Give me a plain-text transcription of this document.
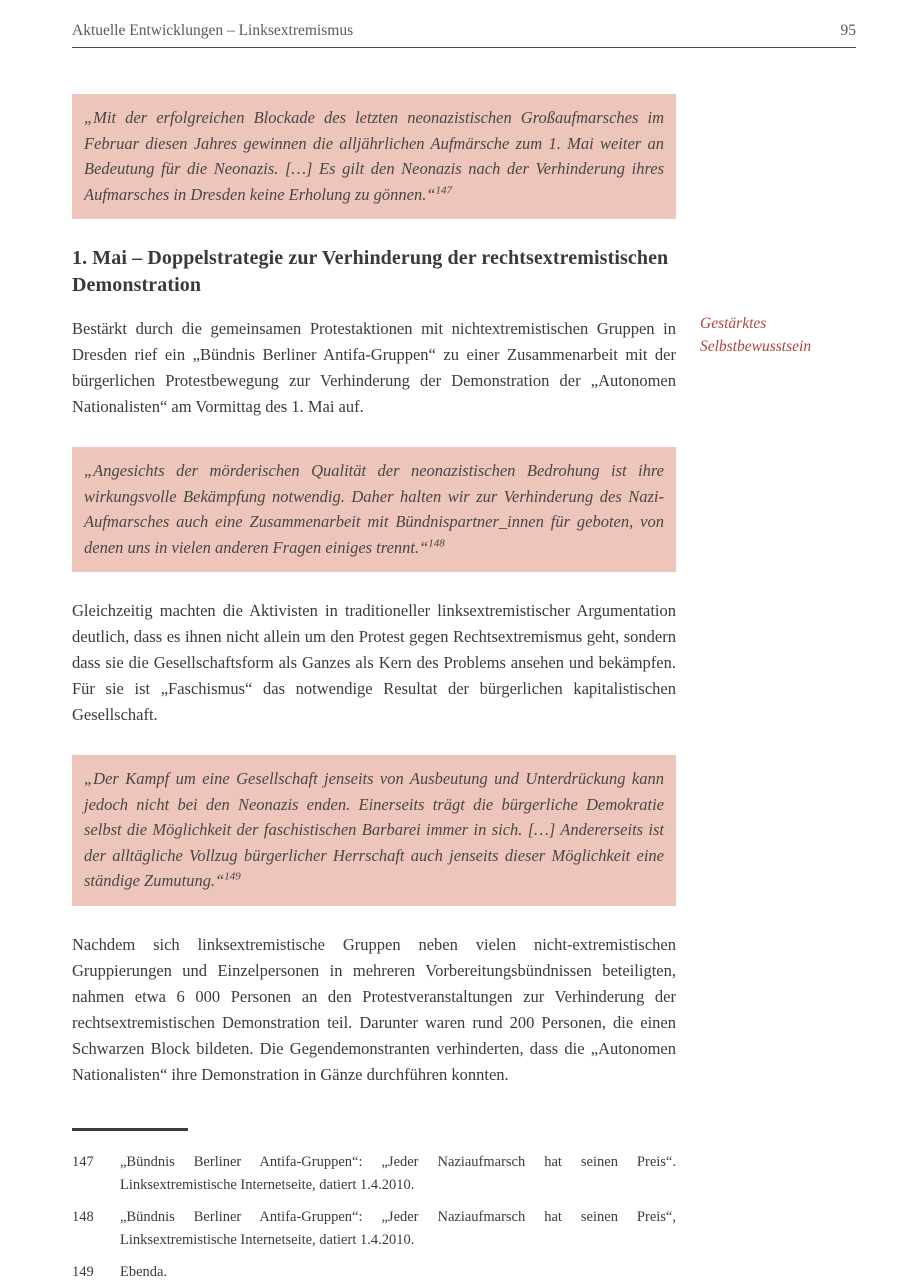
Aktuelle Entwicklungen – Linksextremismus	95
„Mit der erfolgreichen Blockade des letzten neonazistischen Großaufmarsches im Februar diesen Jahres gewinnen die alljährlichen Aufmärsche zum 1. Mai weiter an Bedeutung für die Neonazis. […] Es gilt den Neonazis nach der Verhinderung ihres Aufmarsches in Dresden keine Erholung zu gönnen.“$^{147}$
1. Mai – Doppelstrategie zur Verhinderung der rechtsextremistischen Demonstration

Bestärkt durch die gemeinsamen Protestaktionen mit nichtextremistischen Gruppen in Dresden rief ein „Bündnis Berliner Antifa-Gruppen“ zu einer Zusammenarbeit mit der bürgerlichen Protestbewegung zur Verhinderung der Demonstration der „Autonomen Nationalisten“ am Vormittag des 1. Mai auf.

„Angesichts der mörderischen Qualität der neonazistischen Bedrohung ist ihre wirkungsvolle Bekämpfung notwendig. Daher halten wir zur Verhinderung des Nazi-Aufmarsches auch eine Zusammenarbeit mit Bündnispartner_innen für geboten, von denen uns in vielen anderen Fragen einiges trennt.“$^{148}$

Gleichzeitig machten die Aktivisten in traditioneller linksextremistischer Argumentation deutlich, dass es ihnen nicht allein um den Protest gegen Rechtsextremismus geht, sondern dass sie die Gesellschaftsform als Ganzes als Kern des Problems ansehen und bekämpfen. Für sie ist „Faschismus“ das notwendige Resultat der bürgerlichen kapitalistischen Gesellschaft.

„Der Kampf um eine Gesellschaft jenseits von Ausbeutung und Unterdrückung kann jedoch nicht bei den Neonazis enden. Einerseits trägt die bürgerliche Demokratie selbst die Möglichkeit der faschistischen Barbarei immer in sich. […] Andererseits ist der alltägliche Vollzug bürgerlicher Herrschaft auch jenseits dieser Möglichkeit eine ständige Zumutung.“$^{149}$

Nachdem sich linksextremistische Gruppen neben vielen nicht-extremistischen Gruppierungen und Einzelpersonen in mehreren Vorbereitungsbündnissen beteiligten, nahmen etwa 6 000 Personen an den Protestveranstaltungen zur Verhinderung der rechtsextremistischen Demonstration teil. Darunter waren rund 200 Personen, die einen Schwarzen Block bildeten. Die Gegendemonstranten verhinderten, dass die „Autonomen Nationalisten“ ihre Demonstration in Gänze durchführen konnten.

147	„Bündnis Berliner Antifa-Gruppen“: „Jeder Naziaufmarsch hat seinen Preis“. Linksextremistische Internetseite, datiert 1.4.2010.
148	„Bündnis Berliner Antifa-Gruppen“: „Jeder Naziaufmarsch hat seinen Preis“, Linksextremistische Internetseite, datiert 1.4.2010.
149	Ebenda.
Gestärktes Selbstbewusstsein
